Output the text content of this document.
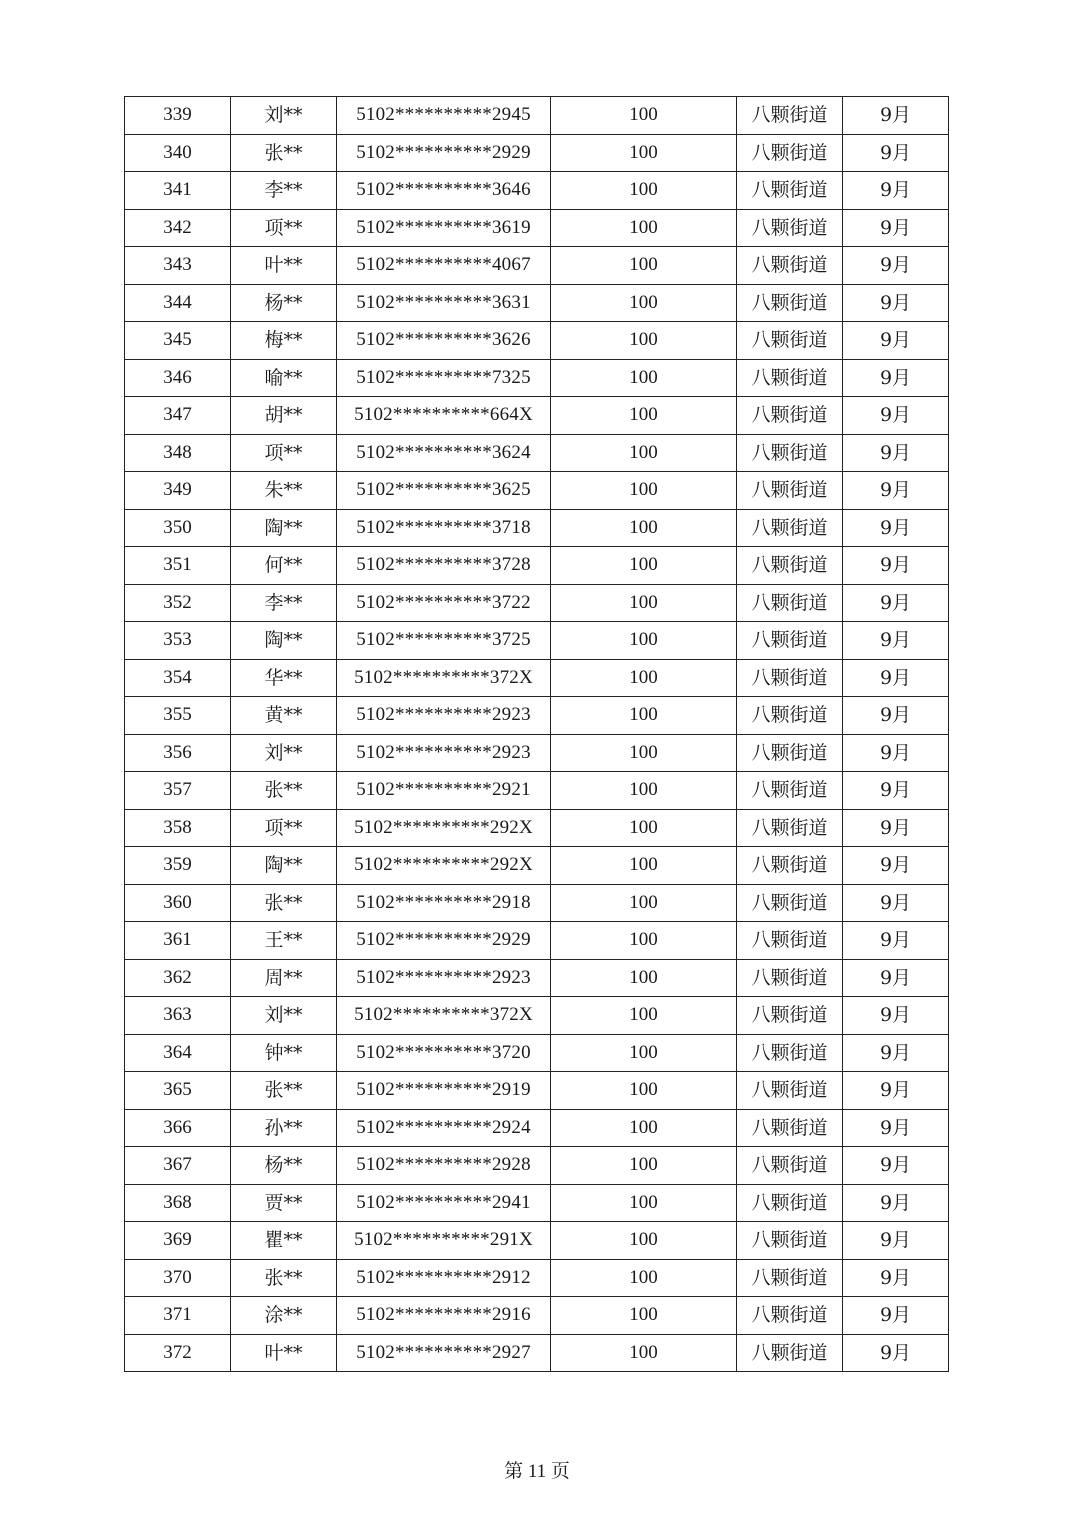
339	刘**	5102**********2945	100	八颗街道	9月
340	张**	5102**********2929	100	八颗街道	9月
341	李**	5102**********3646	100	八颗街道	9月
342	项**	5102**********3619	100	八颗街道	9月
343	叶**	5102**********4067	100	八颗街道	9月
344	杨**	5102**********3631	100	八颗街道	9月
345	梅**	5102**********3626	100	八颗街道	9月
346	喻**	5102**********7325	100	八颗街道	9月
347	胡**	5102**********664X	100	八颗街道	9月
348	项**	5102**********3624	100	八颗街道	9月
349	朱**	5102**********3625	100	八颗街道	9月
350	陶**	5102**********3718	100	八颗街道	9月
351	何**	5102**********3728	100	八颗街道	9月
352	李**	5102**********3722	100	八颗街道	9月
353	陶**	5102**********3725	100	八颗街道	9月
354	华**	5102**********372X	100	八颗街道	9月
355	黄**	5102**********2923	100	八颗街道	9月
356	刘**	5102**********2923	100	八颗街道	9月
357	张**	5102**********2921	100	八颗街道	9月
358	项**	5102**********292X	100	八颗街道	9月
359	陶**	5102**********292X	100	八颗街道	9月
360	张**	5102**********2918	100	八颗街道	9月
361	王**	5102**********2929	100	八颗街道	9月
362	周**	5102**********2923	100	八颗街道	9月
363	刘**	5102**********372X	100	八颗街道	9月
364	钟**	5102**********3720	100	八颗街道	9月
365	张**	5102**********2919	100	八颗街道	9月
366	孙**	5102**********2924	100	八颗街道	9月
367	杨**	5102**********2928	100	八颗街道	9月
368	贾**	5102**********2941	100	八颗街道	9月
369	瞿**	5102**********291X	100	八颗街道	9月
370	张**	5102**********2912	100	八颗街道	9月
371	涂**	5102**********2916	100	八颗街道	9月
372	叶**	5102**********2927	100	八颗街道	9月
第 11 页
